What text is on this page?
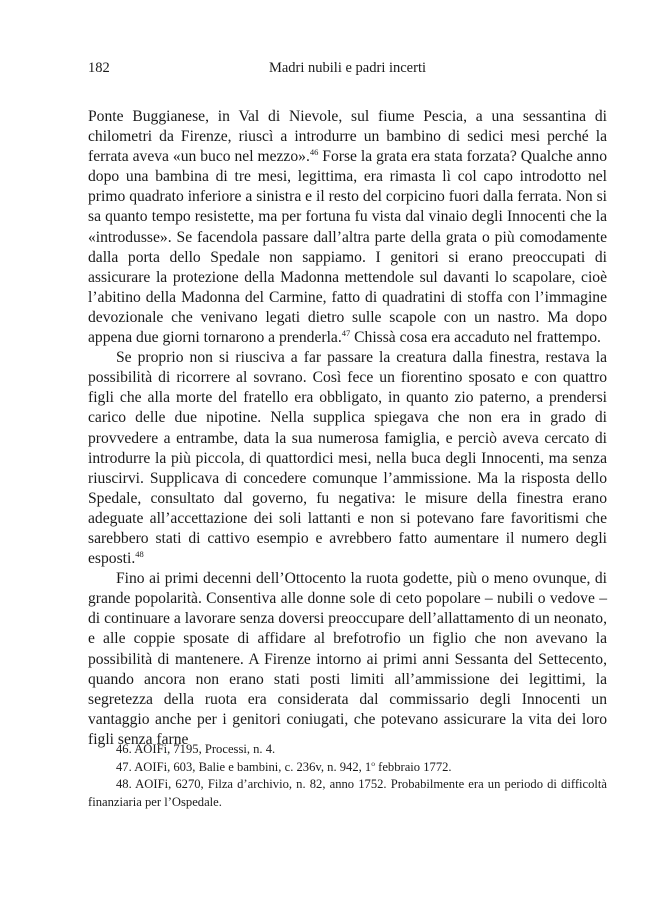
182	Madri nubili e padri incerti

Ponte Buggianese, in Val di Nievole, sul fiume Pescia, a una sessantina di chilometri da Firenze, riuscì a introdurre un bambino di sedici mesi perché la ferrata aveva «un buco nel mezzo».$^{46}$ Forse la grata era stata forzata? Qualche anno dopo una bambina di tre mesi, legittima, era rimasta lì col capo introdotto nel primo quadrato inferiore a sinistra e il resto del corpicino fuori dalla ferrata. Non si sa quanto tempo resistette, ma per fortuna fu vista dal vinaio degli Innocenti che la «introdusse». Se facendola passare dall’altra parte della grata o più comodamente dalla porta dello Spedale non sappiamo. I genitori si erano preoccupati di assicurare la protezione della Madonna mettendole sul davanti lo scapolare, cioè l’abitino della Madonna del Carmine, fatto di quadratini di stoffa con l’immagine devozionale che venivano legati dietro sulle scapole con un nastro. Ma dopo appena due giorni tornarono a prenderla.$^{47}$ Chissà cosa era accaduto nel frattempo.

Se proprio non si riusciva a far passare la creatura dalla finestra, restava la possibilità di ricorrere al sovrano. Così fece un fiorentino sposato e con quattro figli che alla morte del fratello era obbligato, in quanto zio paterno, a prendersi carico delle due nipotine. Nella supplica spiegava che non era in grado di provvedere a entrambe, data la sua numerosa famiglia, e perciò aveva cercato di introdurre la più piccola, di quattordici mesi, nella buca degli Innocenti, ma senza riuscirvi. Supplicava di concedere comunque l’ammissione. Ma la risposta dello Spedale, consultato dal governo, fu negativa: le misure della finestra erano adeguate all’accettazione dei soli lattanti e non si potevano fare favoritismi che sarebbero stati di cattivo esempio e avrebbero fatto aumentare il numero degli esposti.$^{48}$

Fino ai primi decenni dell’Ottocento la ruota godette, più o meno ovunque, di grande popolarità. Consentiva alle donne sole di ceto popolare – nubili o vedove – di continuare a lavorare senza doversi preoccupare dell’allattamento di un neonato, e alle coppie sposate di affidare al brefotrofio un figlio che non avevano la possibilità di mantenere. A Firenze intorno ai primi anni Sessanta del Settecento, quando ancora non erano stati posti limiti all’ammissione dei legittimi, la segretezza della ruota era considerata dal commissario degli Innocenti un vantaggio anche per i genitori coniugati, che potevano assicurare la vita dei loro figli senza farne

46. AOIFi, 7195, Processi, n. 4.

47. AOIFi, 603, Balie e bambini, c. 236v, n. 942, 1$^o$ febbraio 1772.

48. AOIFi, 6270, Filza d’archivio, n. 82, anno 1752. Probabilmente era un periodo di difficoltà finanziaria per l’Ospedale.
